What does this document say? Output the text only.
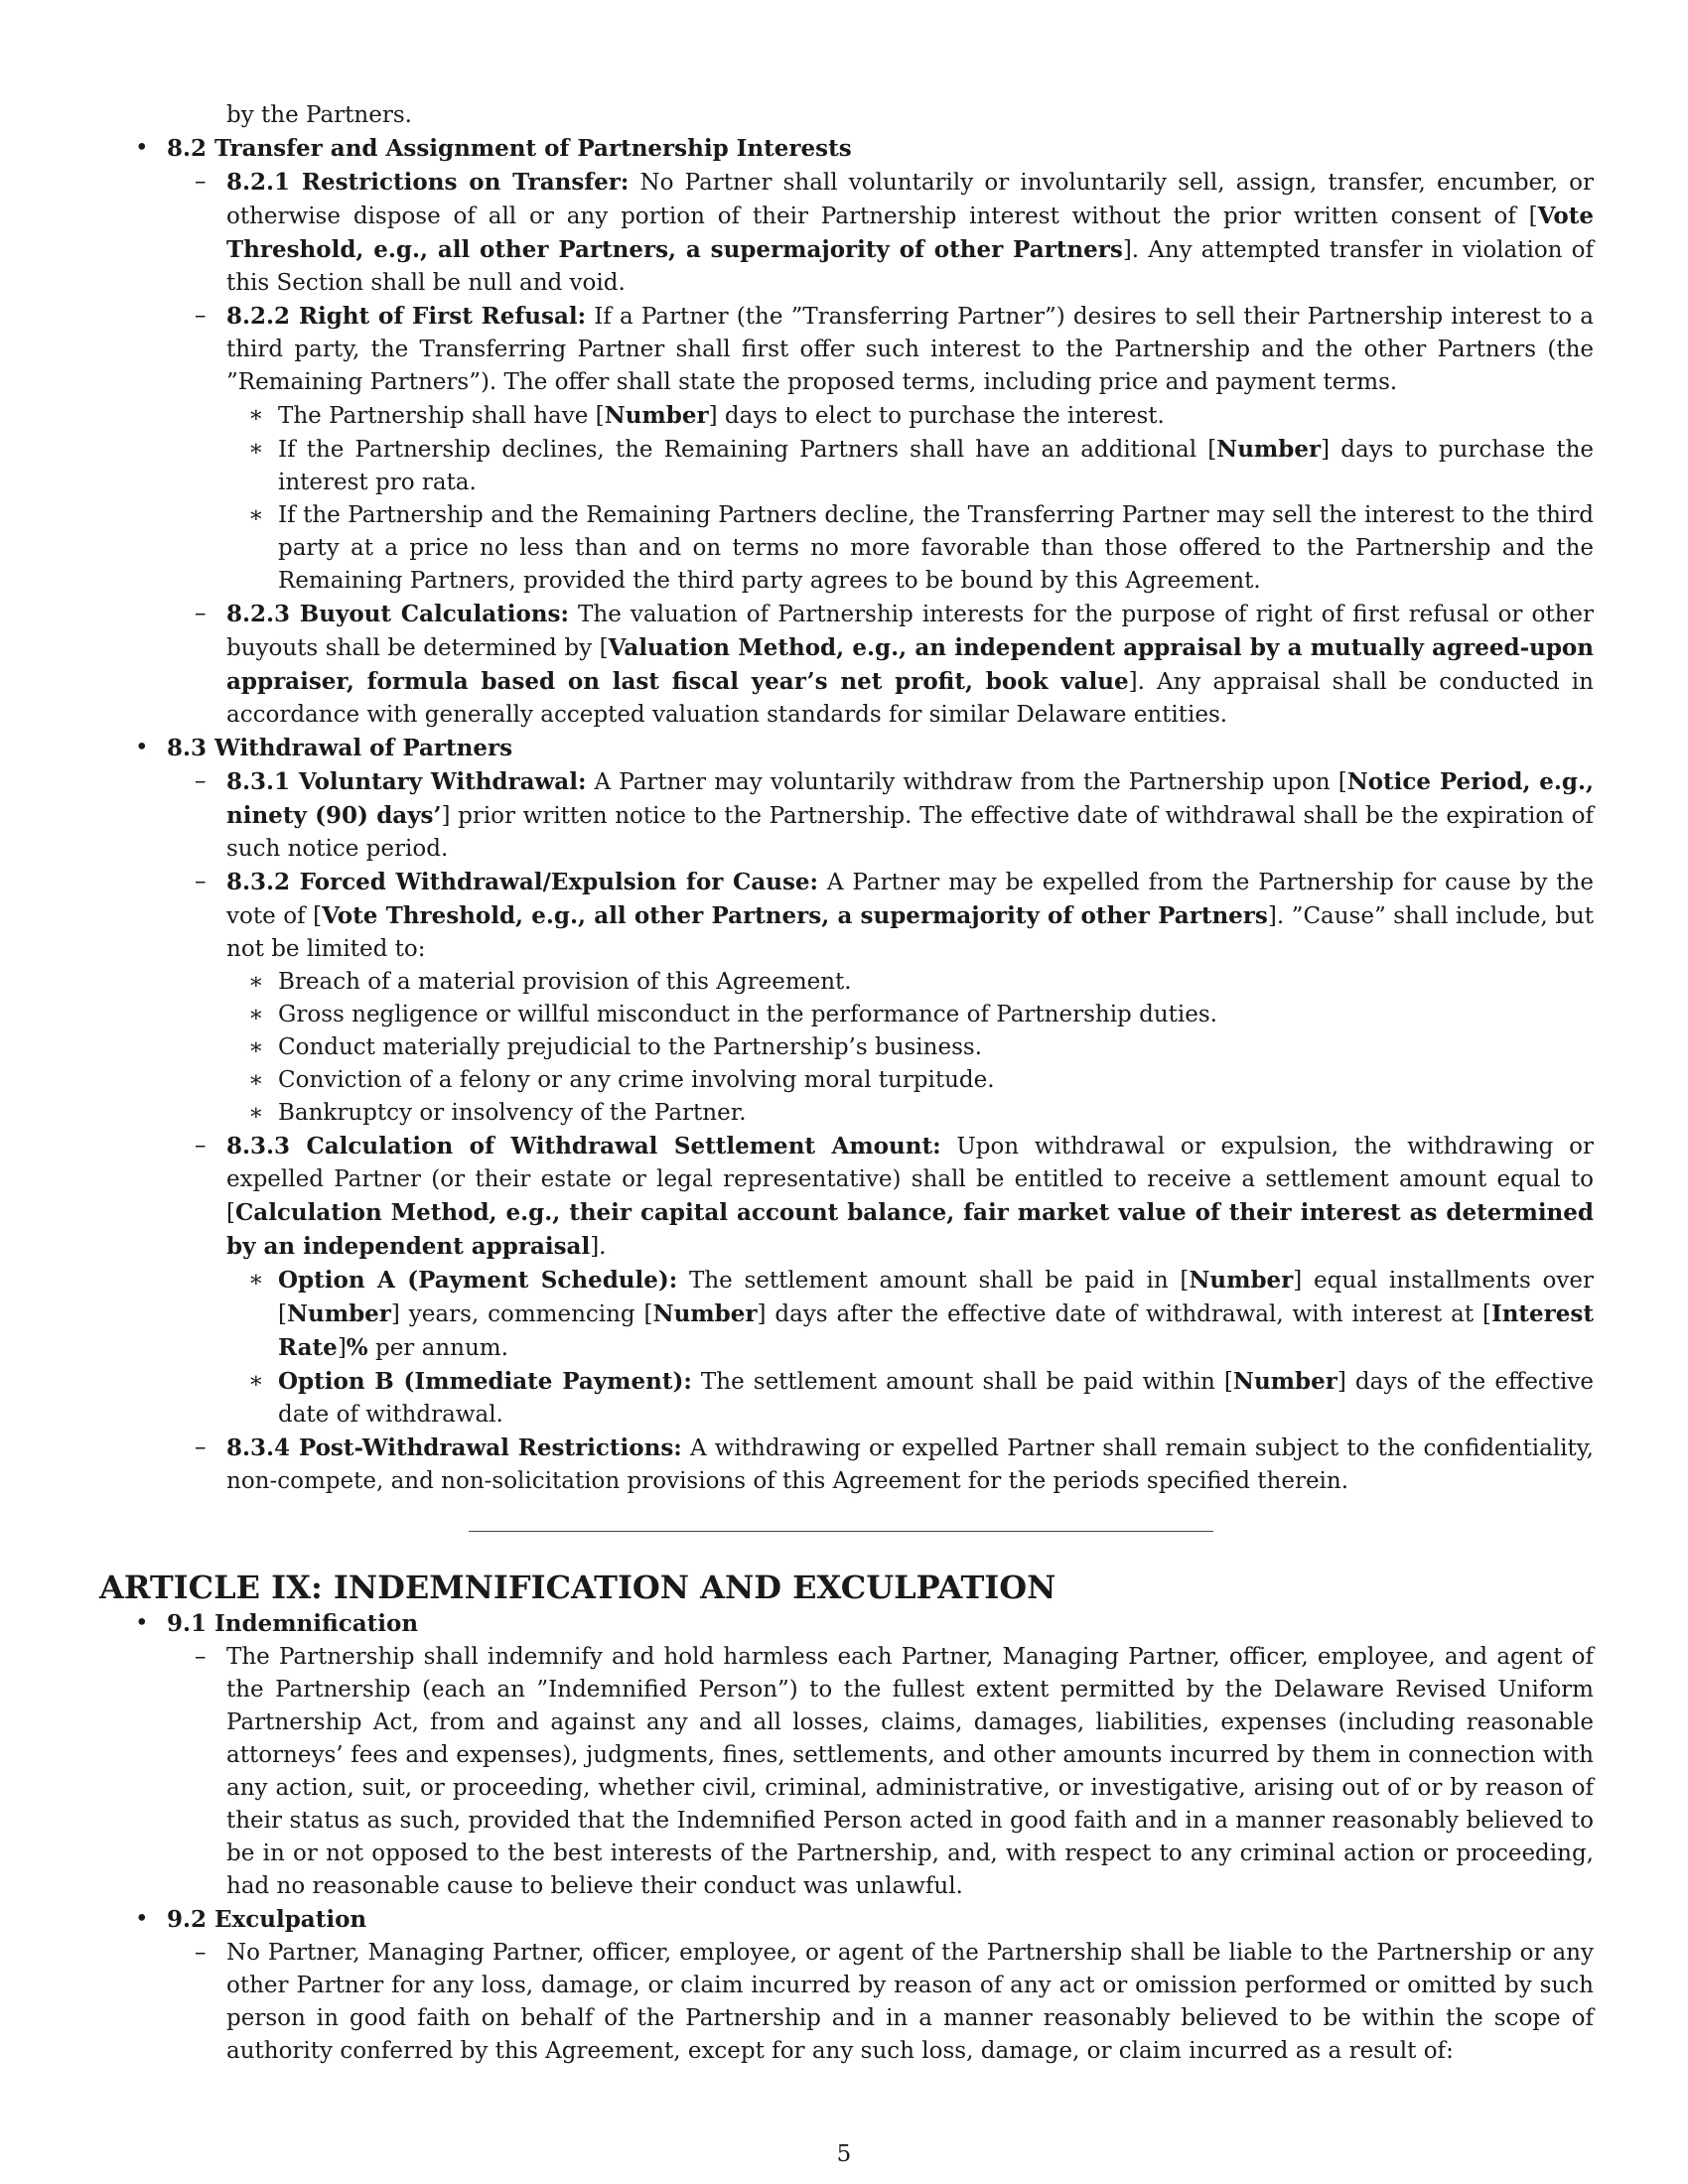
by the Partners.
• 8.2 Transfer and Assignment of Partnership Interests
– 8.2.1 Restrictions on Transfer: No Partner shall voluntarily or involuntarily sell, assign, transfer, encumber, or otherwise dispose of all or any portion of their Partnership interest without the prior written consent of [Vote Threshold, e.g., all other Partners, a supermajority of other Partners]. Any attempted transfer in violation of this Section shall be null and void.
– 8.2.2 Right of First Refusal: If a Partner (the ”Transferring Partner”) desires to sell their Partnership interest to a third party, the Transferring Partner shall first offer such interest to the Partnership and the other Partners (the ”Remaining Partners”). The offer shall state the proposed terms, including price and payment terms.
∗ The Partnership shall have [Number] days to elect to purchase the interest.
∗ If the Partnership declines, the Remaining Partners shall have an additional [Number] days to purchase the interest pro rata.
∗ If the Partnership and the Remaining Partners decline, the Transferring Partner may sell the interest to the third party at a price no less than and on terms no more favorable than those offered to the Partnership and the Remaining Partners, provided the third party agrees to be bound by this Agreement.
– 8.2.3 Buyout Calculations: The valuation of Partnership interests for the purpose of right of first refusal or other buyouts shall be determined by [Valuation Method, e.g., an independent appraisal by a mutually agreed-upon appraiser, formula based on last fiscal year’s net profit, book value]. Any appraisal shall be conducted in accordance with generally accepted valuation standards for similar Delaware entities.
• 8.3 Withdrawal of Partners
– 8.3.1 Voluntary Withdrawal: A Partner may voluntarily withdraw from the Partnership upon [Notice Period, e.g., ninety (90) days’] prior written notice to the Partnership. The effective date of withdrawal shall be the expiration of such notice period.
– 8.3.2 Forced Withdrawal/Expulsion for Cause: A Partner may be expelled from the Partnership for cause by the vote of [Vote Threshold, e.g., all other Partners, a supermajority of other Partners]. ”Cause” shall include, but not be limited to:
∗ Breach of a material provision of this Agreement.
∗ Gross negligence or willful misconduct in the performance of Partnership duties.
∗ Conduct materially prejudicial to the Partnership’s business.
∗ Conviction of a felony or any crime involving moral turpitude.
∗ Bankruptcy or insolvency of the Partner.
– 8.3.3 Calculation of Withdrawal Settlement Amount: Upon withdrawal or expulsion, the withdrawing or expelled Partner (or their estate or legal representative) shall be entitled to receive a settlement amount equal to [Calculation Method, e.g., their capital account balance, fair market value of their interest as determined by an independent appraisal].
∗ Option A (Payment Schedule): The settlement amount shall be paid in [Number] equal installments over [Number] years, commencing [Number] days after the effective date of withdrawal, with interest at [Interest Rate]% per annum.
∗ Option B (Immediate Payment): The settlement amount shall be paid within [Number] days of the effective date of withdrawal.
– 8.3.4 Post-Withdrawal Restrictions: A withdrawing or expelled Partner shall remain subject to the confidentiality, non-compete, and non-solicitation provisions of this Agreement for the periods specified therein.
ARTICLE IX: INDEMNIFICATION AND EXCULPATION
• 9.1 Indemnification
– The Partnership shall indemnify and hold harmless each Partner, Managing Partner, officer, employee, and agent of the Partnership (each an ”Indemnified Person”) to the fullest extent permitted by the Delaware Revised Uniform Partnership Act, from and against any and all losses, claims, damages, liabilities, expenses (including reasonable attorneys’ fees and expenses), judgments, fines, settlements, and other amounts incurred by them in connection with any action, suit, or proceeding, whether civil, criminal, administrative, or investigative, arising out of or by reason of their status as such, provided that the Indemnified Person acted in good faith and in a manner reasonably believed to be in or not opposed to the best interests of the Partnership, and, with respect to any criminal action or proceeding, had no reasonable cause to believe their conduct was unlawful.
• 9.2 Exculpation
– No Partner, Managing Partner, officer, employee, or agent of the Partnership shall be liable to the Partnership or any other Partner for any loss, damage, or claim incurred by reason of any act or omission performed or omitted by such person in good faith on behalf of the Partnership and in a manner reasonably believed to be within the scope of authority conferred by this Agreement, except for any such loss, damage, or claim incurred as a result of:
5
